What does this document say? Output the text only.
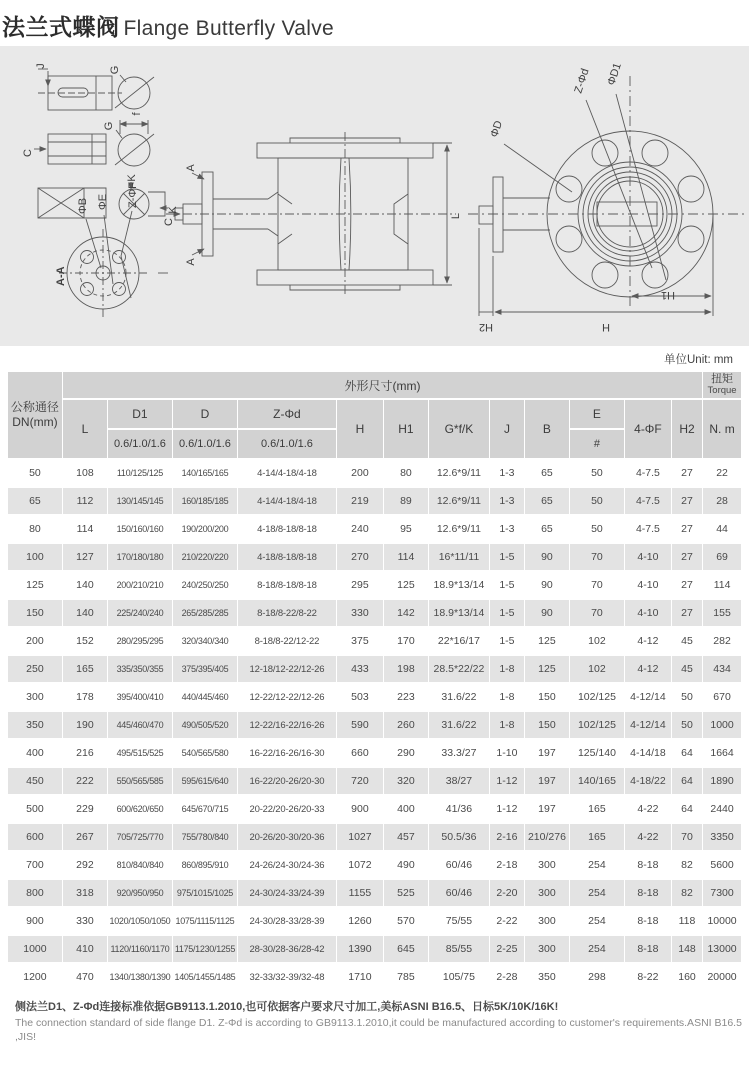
法兰式蝶阀 Flange Butterfly Valve
J	G
C
G
f
K
K
A-A
ΦB ΦE Z-ΦF
A
C
A
L
ΦD
Z-Φd ΦD1
H1
H
H2
单位Unit: mm
公称通径
DN(mm)
	外形尺寸(mm)	扭矩
Torque

	L	D1	D	Z-Φd	H	H1	G*f/K	J	B	E	4-ΦF	H2	N. m
		0.6/1.0/1.6	0.6/1.0/1.6	0.6/1.0/1.6						#			
50	108	110/125/125	140/165/165	4-14/4-18/4-18	200	80	12.6*9/11	1-3	65	50	4-7.5	27	22
65	112	130/145/145	160/185/185	4-14/4-18/4-18	219	89	12.6*9/11	1-3	65	50	4-7.5	27	28
80	114	150/160/160	190/200/200	4-18/8-18/8-18	240	95	12.6*9/11	1-3	65	50	4-7.5	27	44
100	127	170/180/180	210/220/220	4-18/8-18/8-18	270	114	16*11/11	1-5	90	70	4-10	27	69
125	140	200/210/210	240/250/250	8-18/8-18/8-18	295	125	18.9*13/14	1-5	90	70	4-10	27	114
150	140	225/240/240	265/285/285	8-18/8-22/8-22	330	142	18.9*13/14	1-5	90	70	4-10	27	155
200	152	280/295/295	320/340/340	8-18/8-22/12-22	375	170	22*16/17	1-5	125	102	4-12	45	282
250	165	335/350/355	375/395/405	12-18/12-22/12-26	433	198	28.5*22/22	1-8	125	102	4-12	45	434
300	178	395/400/410	440/445/460	12-22/12-22/12-26	503	223	31.6/22	1-8	150	102/125	4-12/14	50	670
350	190	445/460/470	490/505/520	12-22/16-22/16-26	590	260	31.6/22	1-8	150	102/125	4-12/14	50	1000
400	216	495/515/525	540/565/580	16-22/16-26/16-30	660	290	33.3/27	1-10	197	125/140	4-14/18	64	1664
450	222	550/565/585	595/615/640	16-22/20-26/20-30	720	320	38/27	1-12	197	140/165	4-18/22	64	1890
500	229	600/620/650	645/670/715	20-22/20-26/20-33	900	400	41/36	1-12	197	165	4-22	64	2440
600	267	705/725/770	755/780/840	20-26/20-30/20-36	1027	457	50.5/36	2-16	210/276	165	4-22	70	3350
700	292	810/840/840	860/895/910	24-26/24-30/24-36	1072	490	60/46	2-18	300	254	8-18	82	5600
800	318	920/950/950	975/1015/1025	24-30/24-33/24-39	1155	525	60/46	2-20	300	254	8-18	82	7300
900	330	1020/1050/1050	1075/1115/1125	24-30/28-33/28-39	1260	570	75/55	2-22	300	254	8-18	118	10000
1000	410	1120/1160/1170	1175/1230/1255	28-30/28-36/28-42	1390	645	85/55	2-25	300	254	8-18	148	13000
1200	470	1340/1380/1390	1405/1455/1485	32-33/32-39/32-48	1710	785	105/75	2-28	350	298	8-22	160	20000

侧法兰D1、Z-Φd连接标准依据GB9113.1.2010,也可依据客户要求尺寸加工,美标ASNI B16.5、日标5K/10K/16K!

The connection standard of side flange D1. Z-Φd is according to GB9113.1.2010,it could be manufactured according to customer's requirements.ASNI B16.5 ,JIS!
